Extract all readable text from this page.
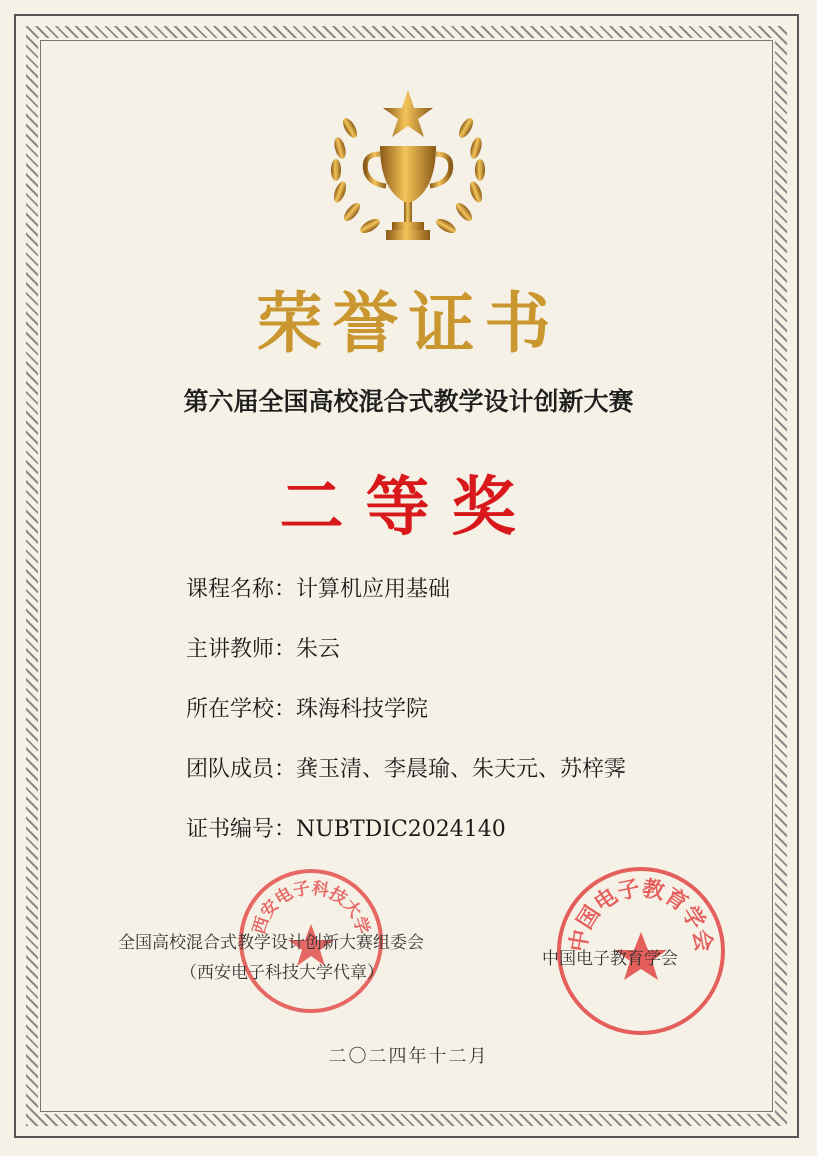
荣誉证书
第六届全国高校混合式教学设计创新大赛
二等奖
课程名称：计算机应用基础
主讲教师：朱云
所在学校：珠海科技学院
团队成员：龚玉清、李晨瑜、朱天元、苏梓霁
证书编号：NUBTDIC2024140
西安电子科技大学
中国电子教育学会
全国高校混合式教学设计创新大赛组委会
（西安电子科技大学代章）
中国电子教育学会
二〇二四年十二月
